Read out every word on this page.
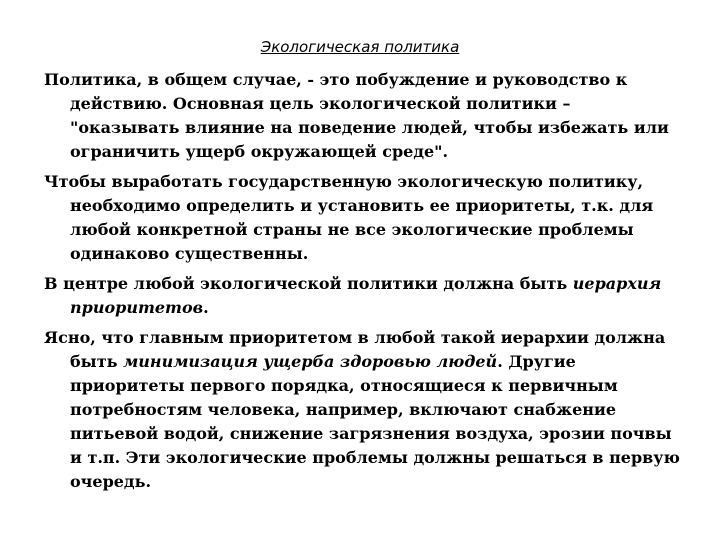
Экологическая политика

Политика, в общем случае, - это побуждение и руководство к действию. Основная цель экологической политики – "оказывать влияние на поведение людей, чтобы избежать или ограничить ущерб окружающей среде".

Чтобы выработать государственную экологическую политику, необходимо определить и установить ее приоритеты, т.к. для любой конкретной страны не все экологические проблемы одинаково существенны.

В центре любой экологической политики должна быть иерархия приоритетов.

Ясно, что главным приоритетом в любой такой иерархии должна быть минимизация ущерба здоровью людей. Другие приоритеты первого порядка, относящиеся к первичным потребностям человека, например, включают снабжение питьевой водой, снижение загрязнения воздуха, эрозии почвы и т.п. Эти экологические проблемы должны решаться в первую очередь.
